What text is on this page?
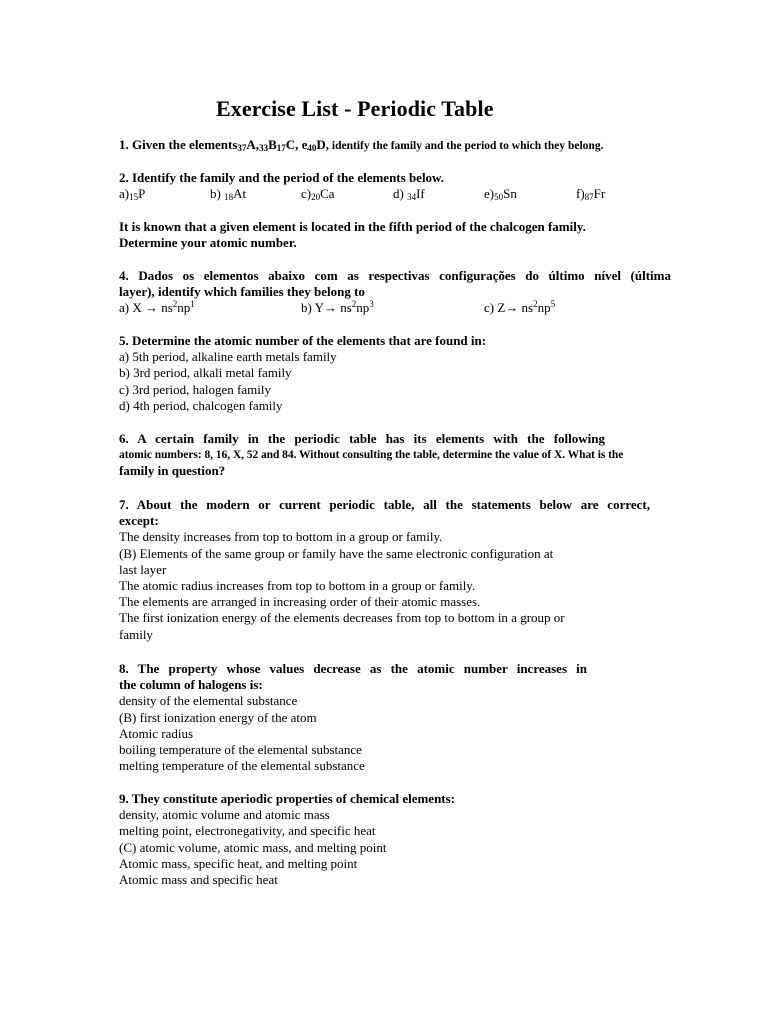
Exercise List - Periodic Table
1. Given the $elements_{37}A,_{33}B_{17}C$, $e_{40}D$, identify the family and the period to which they belong.
2. Identify the family and the period of the elements below.
$a)_{15}P$	b) $_{18}$At	$c)_{20}Ca$	d) $_{34}$If	$e)_{50}Sn$	$f)_{87}Fr$
It is known that a given element is located in the fifth period of the chalcogen family.
Determine your atomic number.
4. Dados os elementos abaixo com as respectivas configurações do último nível (última
layer), identify which families they belong to
a) $X \to ns^2np^1$	b) $Y\to ns^2np^3$	c) $Z\to ns^2np^5$
5. Determine the atomic number of the elements that are found in:
a) 5th period, alkaline earth metals family
b) 3rd period, alkali metal family
c) 3rd period, halogen family
d) 4th period, chalcogen family
6. A certain family in the periodic table has its elements with the following
atomic numbers: 8, 16, X, 52 and 84. Without consulting the table, determine the value of X. What is the
family in question?
7. About the modern or current periodic table, all the statements below are correct,
except:
The density increases from top to bottom in a group or family.
(B) Elements of the same group or family have the same electronic configuration at
last layer
The atomic radius increases from top to bottom in a group or family.
The elements are arranged in increasing order of their atomic masses.
The first ionization energy of the elements decreases from top to bottom in a group or
family
8. The property whose values decrease as the atomic number increases in
the column of halogens is:
density of the elemental substance
(B) first ionization energy of the atom
Atomic radius
boiling temperature of the elemental substance
melting temperature of the elemental substance
9. They constitute aperiodic properties of chemical elements:
density, atomic volume and atomic mass
melting point, electronegativity, and specific heat
(C) atomic volume, atomic mass, and melting point
Atomic mass, specific heat, and melting point
Atomic mass and specific heat
